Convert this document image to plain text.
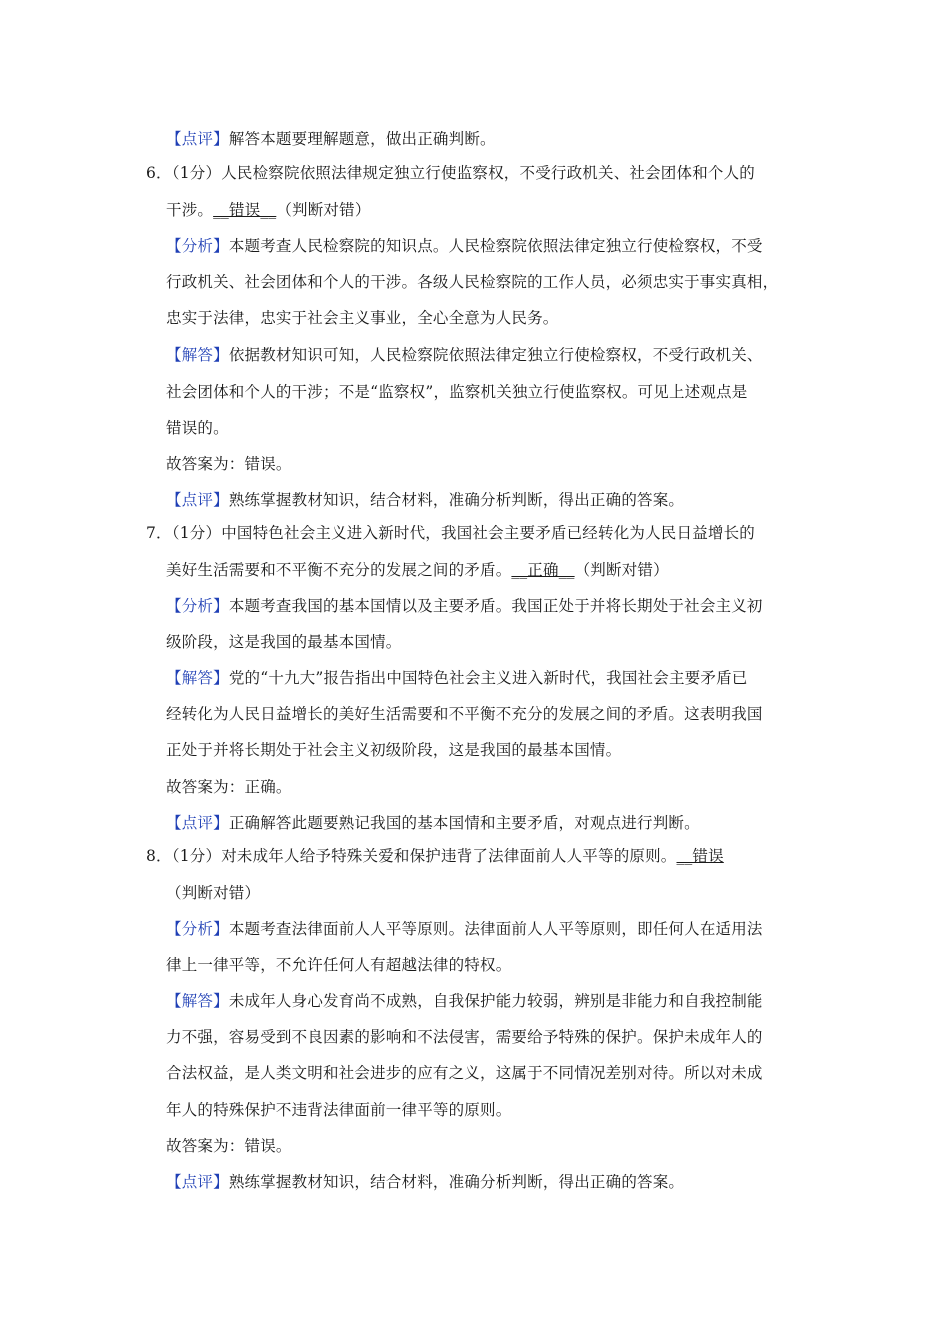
【点评】解答本题要理解题意，做出正确判断。
6．（1分）人民检察院依照法律规定独立行使监察权，不受行政机关、社会团体和个人的
干涉。__错误__（判断对错）
【分析】本题考查人民检察院的知识点。人民检察院依照法律定独立行使检察权，不受
行政机关、社会团体和个人的干涉。各级人民检察院的工作人员，必须忠实于事实真相，
忠实于法律，忠实于社会主义事业，全心全意为人民务。
【解答】依据教材知识可知，人民检察院依照法律定独立行使检察权，不受行政机关、
社会团体和个人的干涉；不是“监察权”，监察机关独立行使监察权。可见上述观点是
错误的。
故答案为：错误。
【点评】熟练掌握教材知识，结合材料，准确分析判断，得出正确的答案。
7．（1分）中国特色社会主义进入新时代，我国社会主要矛盾已经转化为人民日益增长的
美好生活需要和不平衡不充分的发展之间的矛盾。__正确__（判断对错）
【分析】本题考查我国的基本国情以及主要矛盾。我国正处于并将长期处于社会主义初
级阶段，这是我国的最基本国情。
【解答】党的“十九大”报告指出中国特色社会主义进入新时代，我国社会主要矛盾已
经转化为人民日益增长的美好生活需要和不平衡不充分的发展之间的矛盾。这表明我国
正处于并将长期处于社会主义初级阶段，这是我国的最基本国情。
故答案为：正确。
【点评】正确解答此题要熟记我国的基本国情和主要矛盾，对观点进行判断。
8．（1分）对未成年人给予特殊关爱和保护违背了法律面前人人平等的原则。__错误
（判断对错）
【分析】本题考查法律面前人人平等原则。法律面前人人平等原则，即任何人在适用法
律上一律平等，不允许任何人有超越法律的特权。
【解答】未成年人身心发育尚不成熟，自我保护能力较弱，辨别是非能力和自我控制能
力不强，容易受到不良因素的影响和不法侵害，需要给予特殊的保护。保护未成年人的
合法权益，是人类文明和社会进步的应有之义，这属于不同情况差别对待。所以对未成
年人的特殊保护不违背法律面前一律平等的原则。
故答案为：错误。
【点评】熟练掌握教材知识，结合材料，准确分析判断，得出正确的答案。
